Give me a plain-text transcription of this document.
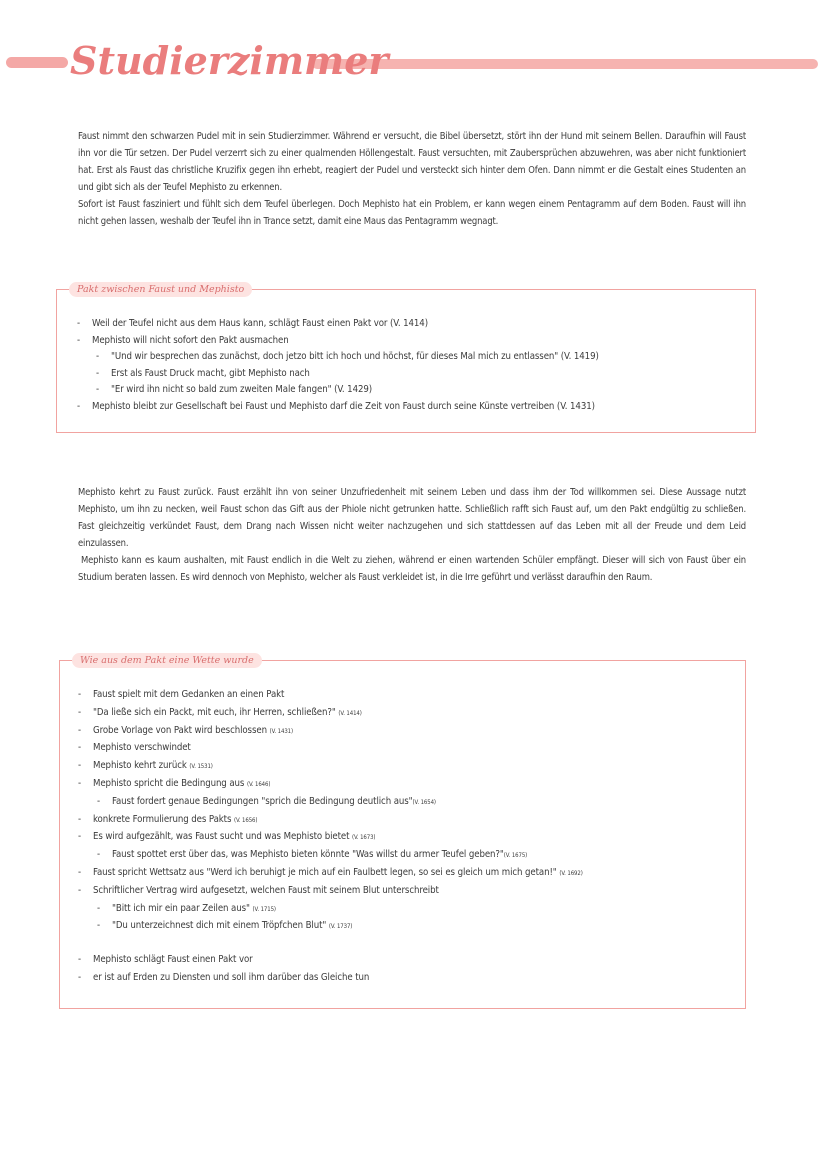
Studierzimmer

Faust nimmt den schwarzen Pudel mit in sein Studierzimmer. Während er versucht, die Bibel übersetzt, stört ihn der Hund mit seinem Bellen. Daraufhin will Faust ihn vor die Tür setzen. Der Pudel verzerrt sich zu einer qualmenden Höllengestalt. Faust versuchten, mit Zaubersprüchen abzuwehren, was aber nicht funktioniert hat. Erst als Faust das christliche Kruzifix gegen ihn erhebt, reagiert der Pudel und versteckt sich hinter dem Ofen. Dann nimmt er die Gestalt eines Studenten an und gibt sich als der Teufel Mephisto zu erkennen.

Sofort ist Faust fasziniert und fühlt sich dem Teufel überlegen. Doch Mephisto hat ein Problem, er kann wegen einem Pentagramm auf dem Boden. Faust will ihn nicht gehen lassen, weshalb der Teufel ihn in Trance setzt, damit eine Maus das Pentagramm wegnagt.

Pakt zwischen Faust und Mephisto
- Weil der Teufel nicht aus dem Haus kann, schlägt Faust einen Pakt vor (V. 1414)
- Mephisto will nicht sofort den Pakt ausmachen
- "Und wir besprechen das zunächst, doch jetzo bitt ich hoch und höchst, für dieses Mal mich zu entlassen" (V. 1419)
- Erst als Faust Druck macht, gibt Mephisto nach
- "Er wird ihn nicht so bald zum zweiten Male fangen" (V. 1429)
- Mephisto bleibt zur Gesellschaft bei Faust und Mephisto darf die Zeit von Faust durch seine Künste vertreiben (V. 1431)

Mephisto kehrt zu Faust zurück. Faust erzählt ihn von seiner Unzufriedenheit mit seinem Leben und dass ihm der Tod willkommen sei. Diese Aussage nutzt Mephisto, um ihn zu necken, weil Faust schon das Gift aus der Phiole nicht getrunken hatte. Schließlich rafft sich Faust auf, um den Pakt endgültig zu schließen. Fast gleichzeitig verkündet Faust, dem Drang nach Wissen nicht weiter nachzugehen und sich stattdessen auf das Leben mit all der Freude und dem Leid einzulassen.

Mephisto kann es kaum aushalten, mit Faust endlich in die Welt zu ziehen, während er einen wartenden Schüler empfängt. Dieser will sich von Faust über ein Studium beraten lassen. Es wird dennoch von Mephisto, welcher als Faust verkleidet ist, in die Irre geführt und verlässt daraufhin den Raum.

Wie aus dem Pakt eine Wette wurde
- Faust spielt mit dem Gedanken an einen Pakt
- "Da ließe sich ein Packt, mit euch, ihr Herren, schließen?" (V. 1414)
- Grobe Vorlage von Pakt wird beschlossen (V. 1431)
- Mephisto verschwindet
- Mephisto kehrt zurück (V. 1531)
- Mephisto spricht die Bedingung aus (V. 1646)
- Faust fordert genaue Bedingungen "sprich die Bedingung deutlich aus"(V. 1654)
- konkrete Formulierung des Pakts (V. 1656)
- Es wird aufgezählt, was Faust sucht und was Mephisto bietet (V. 1673)
- Faust spottet erst über das, was Mephisto bieten könnte "Was willst du armer Teufel geben?"(V. 1675)
- Faust spricht Wettsatz aus "Werd ich beruhigt je mich auf ein Faulbett legen, so sei es gleich um mich getan!" (V. 1692)
- Schriftlicher Vertrag wird aufgesetzt, welchen Faust mit seinem Blut unterschreibt
- "Bitt ich mir ein paar Zeilen aus" (V. 1715)
- "Du unterzeichnest dich mit einem Tröpfchen Blut" (V. 1737)
- Mephisto schlägt Faust einen Pakt vor
- er ist auf Erden zu Diensten und soll ihm darüber das Gleiche tun
